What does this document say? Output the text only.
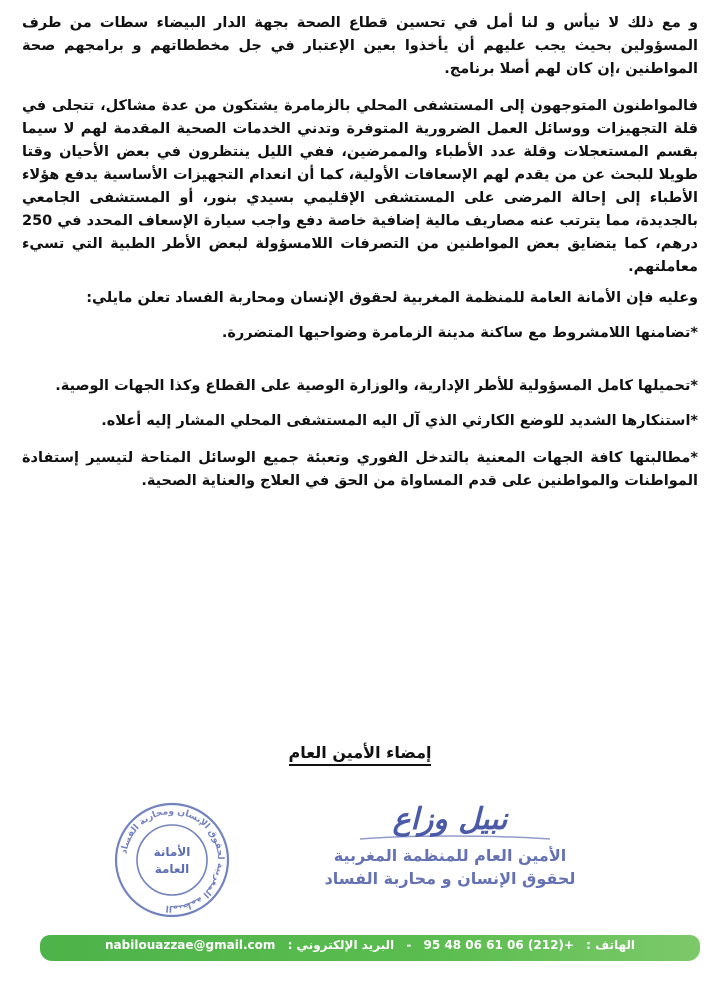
و مع ذلك لا نيأس و لنا أمل في تحسين قطاع الصحة بجهة الدار البيضاء سطات من طرف المسؤولين بحيث يجب عليهم أن يأخذوا بعين الإعتبار في جل مخططاتهم و برامجهم صحة المواطنين ،إن كان لهم أصلا برنامج.

فالمواطنون المتوجهون إلى المستشفى المحلي بالزمامرة يشتكون من عدة مشاكل، تتجلى في قلة التجهيزات ووسائل العمل الضرورية المتوفرة وتدني الخدمات الصحية المقدمة لهم لا سيما بقسم المستعجلات وقلة عدد الأطباء والممرضين، ففي الليل ينتظرون في بعض الأحيان وقتا طويلا للبحث عن من يقدم لهم الإسعافات الأولية، كما أن انعدام التجهيزات الأساسية يدفع هؤلاء الأطباء إلى إحالة المرضى على المستشفى الإقليمي بسيدي بنور، أو المستشفى الجامعي بالجديدة، مما يترتب عنه مصاريف مالية إضافية خاصة دفع واجب سيارة الإسعاف المحدد في 250 درهم، كما يتضايق بعض المواطنين من التصرفات اللامسؤولة لبعض الأطر الطبية التي تسيء معاملتهم.

وعليه فإن الأمانة العامة للمنظمة المغربية لحقوق الإنسان ومحاربة الفساد تعلن مايلي:

*تضامنها اللامشروط مع ساكنة مدينة الزمامرة وضواحيها المتضررة.

*تحميلها كامل المسؤولية للأطر الإدارية، والوزارة الوصية على القطاع وكذا الجهات الوصية.

*استنكارها الشديد للوضع الكارثي الذي آل اليه المستشفى المحلي المشار إليه أعلاه.

*مطالبتها كافة الجهات المعنية بالتدخل الفوري وتعبئة جميع الوسائل المتاحة لتيسير إستفادة المواطنات والمواطنين على قدم المساواة من الحق في العلاج والعناية الصحية.

إمضاء الأمين العام
المنظمة المغربية لحقوق الإنسان ومحاربة الفساد
الأمانة
العامة
نبيل وزاع
الأمين العام للمنظمة المغربية
لحقوق الإنسان و محاربة الفساد
الهاتف : 95 48 06 61 06 (212)+ - البريد الإلكتروني : nabilouazzae@gmail.com
